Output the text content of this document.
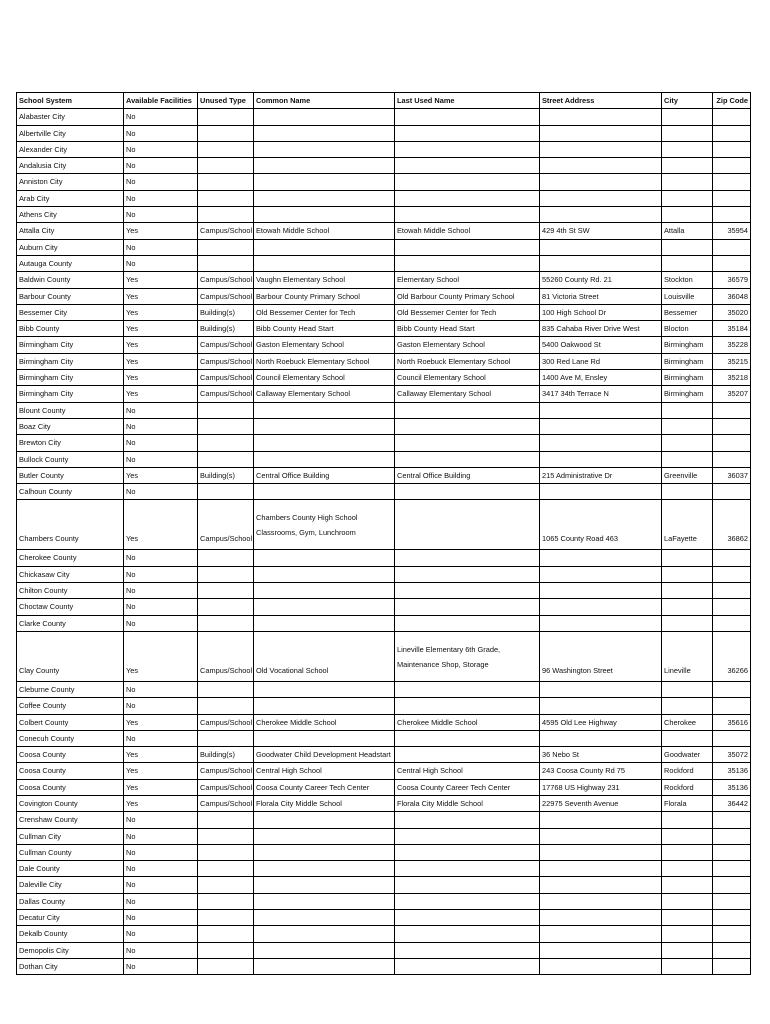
School System	Available Facilities	Unused Type	Common Name	Last Used Name	Street Address	City	Zip Code
Alabaster City	No						
Albertville City	No						
Alexander City	No						
Andalusia City	No						
Anniston City	No						
Arab City	No						
Athens City	No						
Attalla City	Yes	Campus/School	Etowah Middle School	Etowah Middle School	429 4th St SW	Attalla	35954
Auburn City	No						
Autauga County	No						
Baldwin County	Yes	Campus/School	Vaughn Elementary School	Elementary School	55260 County Rd. 21	Stockton	36579
Barbour County	Yes	Campus/School	Barbour County Primary School	Old Barbour County Primary School	81 Victoria Street	Louisville	36048
Bessemer City	Yes	Building(s)	Old Bessemer Center for Tech	Old Bessemer Center for Tech	100 High School Dr	Bessemer	35020
Bibb County	Yes	Building(s)	Bibb County Head Start	Bibb County Head Start	835 Cahaba River Drive West	Blocton	35184
Birmingham City	Yes	Campus/School	Gaston Elementary School	Gaston Elementary School	5400 Oakwood St	Birmingham	35228
Birmingham City	Yes	Campus/School	North Roebuck Elementary School	North Roebuck Elementary School	300 Red Lane Rd	Birmingham	35215
Birmingham City	Yes	Campus/School	Council Elementary School	Council Elementary School	1400 Ave M, Ensley	Birmingham	35218
Birmingham City	Yes	Campus/School	Callaway Elementary School	Callaway Elementary School	3417 34th Terrace N	Birmingham	35207
Blount County	No						
Boaz City	No						
Brewton City	No						
Bullock County	No						
Butler County	Yes	Building(s)	Central Office Building	Central Office Building	215 Administrative Dr	Greenville	36037
Calhoun County	No						
Chambers County	Yes	Campus/School	Chambers County High School Classrooms, Gym, Lunchroom		1065 County Road 463	LaFayette	36862
Cherokee County	No						
Chickasaw City	No						
Chilton County	No						
Choctaw County	No						
Clarke County	No						
Clay County	Yes	Campus/School	Old Vocational School	Lineville Elementary 6th Grade, Maintenance Shop, Storage	96 Washington Street	Lineville	36266
Cleburne County	No						
Coffee County	No						
Colbert County	Yes	Campus/School	Cherokee Middle School	Cherokee Middle School	4595 Old Lee Highway	Cherokee	35616
Conecuh County	No						
Coosa County	Yes	Building(s)	Goodwater Child Development Headstart		36 Nebo St	Goodwater	35072
Coosa County	Yes	Campus/School	Central High School	Central High School	243 Coosa County Rd 75	Rockford	35136
Coosa County	Yes	Campus/School	Coosa County Career Tech Center	Coosa County Career Tech Center	17768 US Highway 231	Rockford	35136
Covington County	Yes	Campus/School	Florala City Middle School	Florala City Middle School	22975 Seventh Avenue	Florala	36442
Crenshaw County	No						
Cullman City	No						
Cullman County	No						
Dale County	No						
Daleville City	No						
Dallas County	No						
Decatur City	No						
Dekalb County	No						
Demopolis City	No						
Dothan City	No						
